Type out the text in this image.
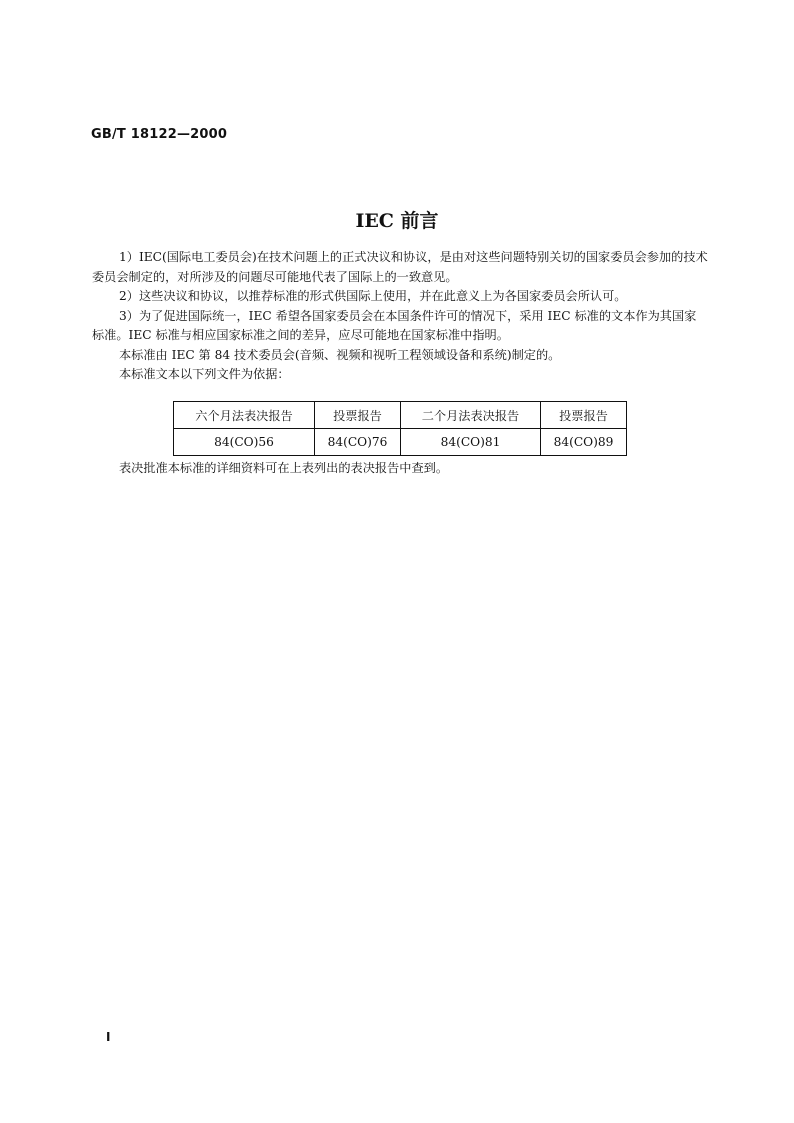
GB/T 18122—2000
IEC 前言

1）IEC(国际电工委员会)在技术问题上的正式决议和协议，是由对这些问题特别关切的国家委员会参加的技术委员会制定的，对所涉及的问题尽可能地代表了国际上的一致意见。

2）这些决议和协议，以推荐标准的形式供国际上使用，并在此意义上为各国家委员会所认可。

3）为了促进国际统一，IEC 希望各国家委员会在本国条件许可的情况下，采用 IEC 标准的文本作为其国家标准。IEC 标准与相应国家标准之间的差异，应尽可能地在国家标准中指明。

本标准由 IEC 第 84 技术委员会(音频、视频和视听工程领域设备和系统)制定的。

本标准文本以下列文件为依据：

六个月法表决报告	投票报告	二个月法表决报告	投票报告
84(CO)56	84(CO)76	84(CO)81	84(CO)89
表决批准本标准的详细资料可在上表列出的表决报告中查到。
I
